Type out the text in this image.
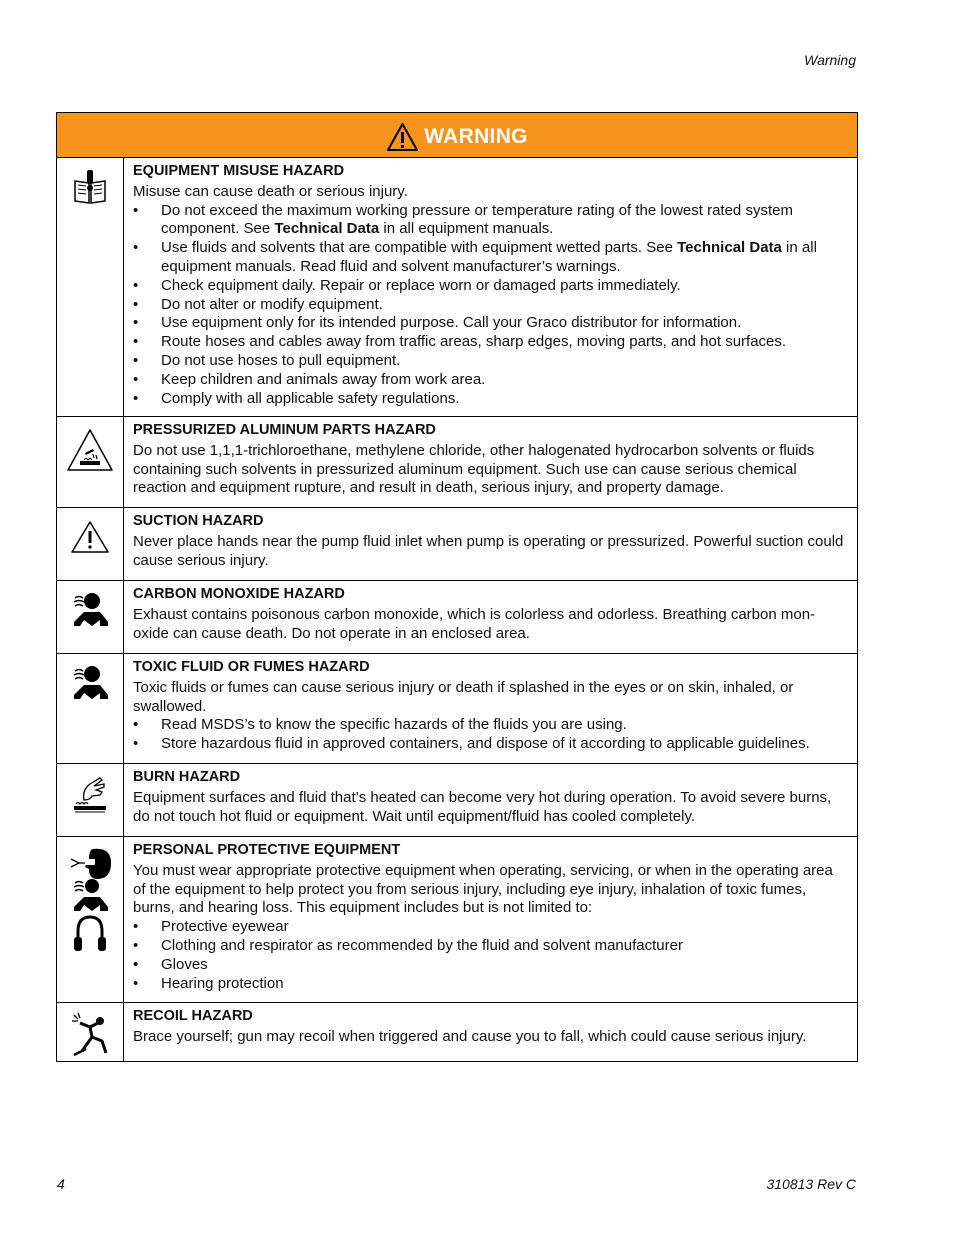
Warning
WARNING
EQUIPMENT MISUSE HAZARD

Misuse can cause death or serious injury.

• Do not exceed the maximum working pressure or temperature rating of the lowest rated system component. See Technical Data in all equipment manuals.
• Use fluids and solvents that are compatible with equipment wetted parts. See Technical Data in all equipment manuals. Read fluid and solvent manufacturer’s warnings.
• Check equipment daily. Repair or replace worn or damaged parts immediately.
• Do not alter or modify equipment.
• Use equipment only for its intended purpose. Call your Graco distributor for information.
• Route hoses and cables away from traffic areas, sharp edges, moving parts, and hot surfaces.
• Do not use hoses to pull equipment.
• Keep children and animals away from work area.
• Comply with all applicable safety regulations.
PRESSURIZED ALUMINUM PARTS HAZARD

Do not use 1,1,1-trichloroethane, methylene chloride, other halogenated hydrocarbon solvents or fluids containing such solvents in pressurized aluminum equipment. Such use can cause serious chemical reaction and equipment rupture, and result in death, serious injury, and property damage.

SUCTION HAZARD

Never place hands near the pump fluid inlet when pump is operating or pressurized. Powerful suction could cause serious injury.

CARBON MONOXIDE HAZARD

Exhaust contains poisonous carbon monoxide, which is colorless and odorless. Breathing carbon mon-oxide can cause death. Do not operate in an enclosed area.

TOXIC FLUID OR FUMES HAZARD

Toxic fluids or fumes can cause serious injury or death if splashed in the eyes or on skin, inhaled, or swallowed.

• Read MSDS’s to know the specific hazards of the fluids you are using.
• Store hazardous fluid in approved containers, and dispose of it according to applicable guidelines.
BURN HAZARD

Equipment surfaces and fluid that’s heated can become very hot during operation. To avoid severe burns, do not touch hot fluid or equipment. Wait until equipment/fluid has cooled completely.

PERSONAL PROTECTIVE EQUIPMENT

You must wear appropriate protective equipment when operating, servicing, or when in the operating area of the equipment to help protect you from serious injury, including eye injury, inhalation of toxic fumes, burns, and hearing loss. This equipment includes but is not limited to:

• Protective eyewear
• Clothing and respirator as recommended by the fluid and solvent manufacturer
• Gloves
• Hearing protection
RECOIL HAZARD

Brace yourself; gun may recoil when triggered and cause you to fall, which could cause serious injury.

4	310813 Rev C
